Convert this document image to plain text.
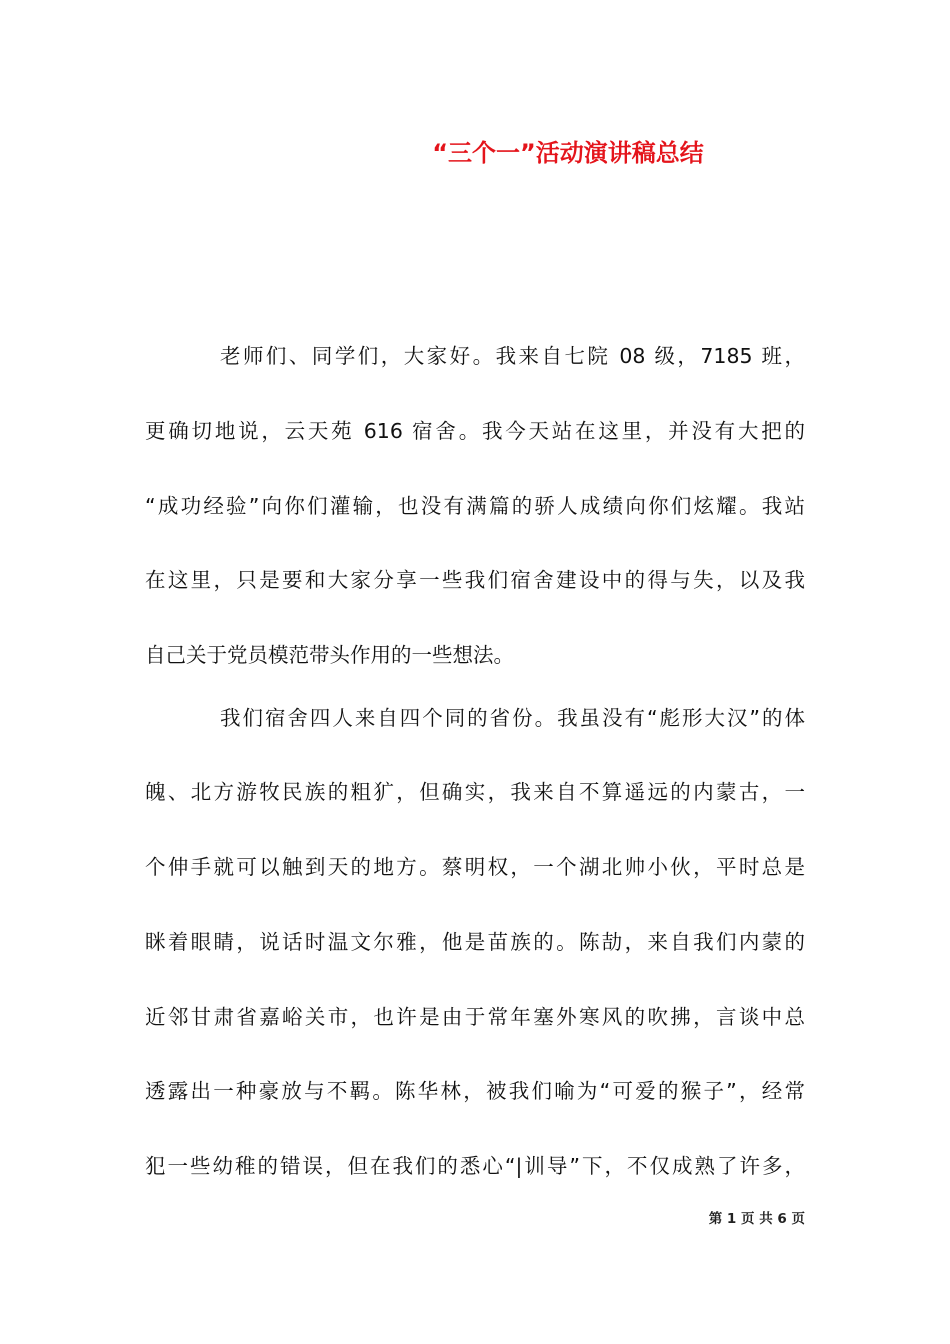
“三个一”活动演讲稿总结
老师们、同学们，大家好。我来自七院 08 级，7185 班，
更确切地说，云天苑 616 宿舍。我今天站在这里，并没有大把的
“成功经验”向你们灌输，也没有满篇的骄人成绩向你们炫耀。我站
在这里，只是要和大家分享一些我们宿舍建设中的得与失，以及我
自己关于党员模范带头作用的一些想法。
我们宿舍四人来自四个同的省份。我虽没有“彪形大汉”的体
魄、北方游牧民族的粗犷，但确实，我来自不算遥远的内蒙古，一
个伸手就可以触到天的地方。蔡明权，一个湖北帅小伙，平时总是
眯着眼睛，说话时温文尔雅，他是苗族的。陈劼，来自我们内蒙的
近邻甘肃省嘉峪关市，也许是由于常年塞外寒风的吹拂，言谈中总
透露出一种豪放与不羁。陈华林，被我们喻为“可爱的猴子”，经常
犯一些幼稚的错误，但在我们的悉心“|训导”下，不仅成熟了许多，
第 1 页 共 6 页
